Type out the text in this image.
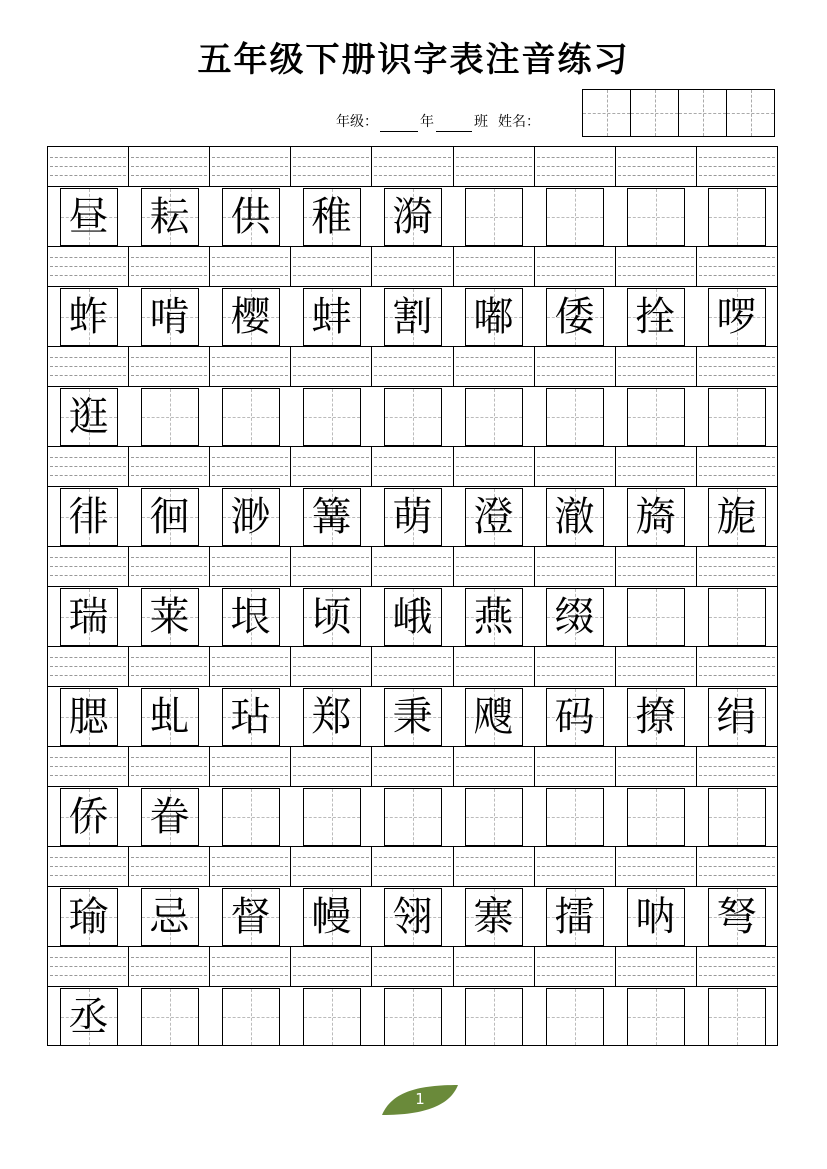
五年级下册识字表注音练习
年级：	年	班 姓名：
昼 耘 供 稚 漪
蚱 啃 樱 蚌 割 嘟 倭 拴 啰
逛
徘 徊 渺 篝 萌 澄 澈 旖 旎
瑞 莱 垠 顷 峨 燕 缀
腮 虬 玷 郑 秉 飕 码 撩 绢
侨 眷
瑜 忌 督 幔 翎 寨 擂 呐 弩
丞
1
